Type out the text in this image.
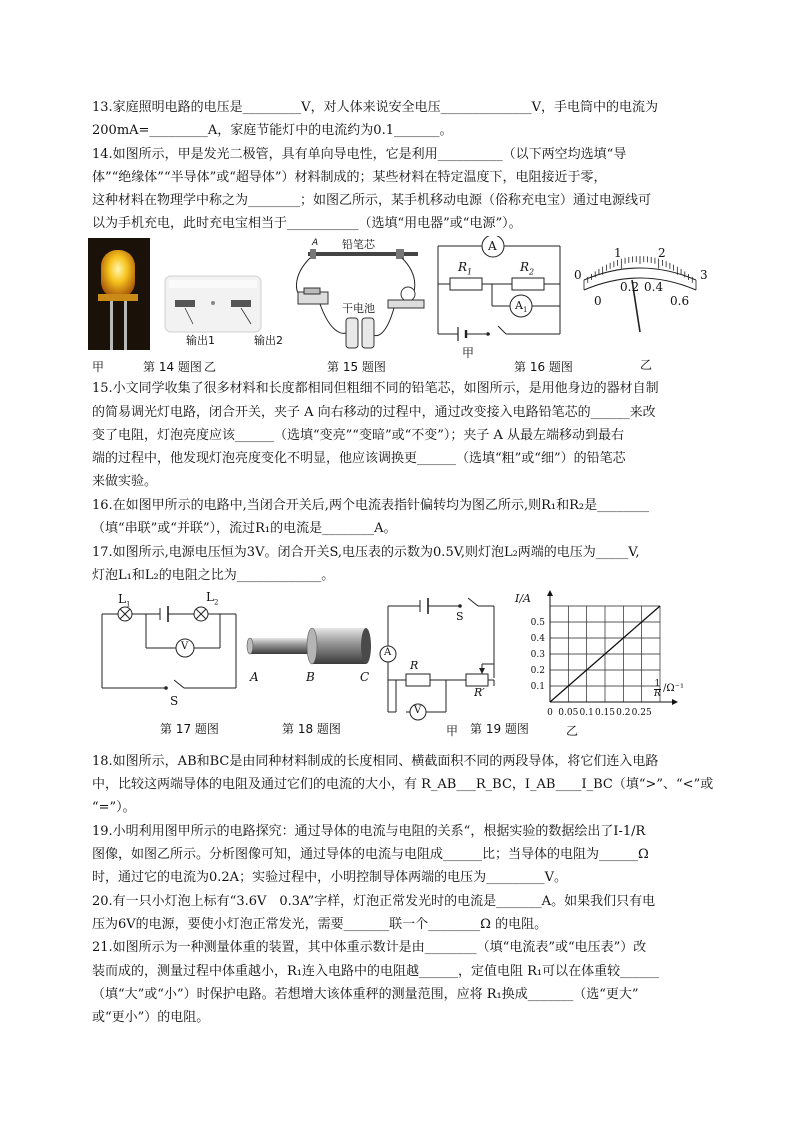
13.家庭照明电路的电压是_________V，对人体来说安全电压______________V，手电筒中的电流为
200mA=_________A，家庭节能灯中的电流约为0.1_______。
14.如图所示，甲是发光二极管，具有单向导电性，它是利用__________（以下两空均选填“导
体”“绝缘体”“半导体”或“超导体”）材料制成的；某些材料在特定温度下，电阻接近于零，
这种材料在物理学中称之为________；如图乙所示，某手机移动电源（俗称充电宝）通过电源线可
以为手机充电，此时充电宝相当于___________（选填“用电器”或“电源”）。
输出1	输出2
甲	第 14 题图 乙
A 铅笔芯
干电池
第 15 题图
A
$A_1$
$R_1$	$R_2$
甲
第 16 题图
0
1	2
3
0
0.2 0.4
0.6
乙
15.小文同学收集了很多材料和长度都相同但粗细不同的铅笔芯，如图所示，是用他身边的器材自制
的简易调光灯电路，闭合开关，夹子 A 向右移动的过程中，通过改变接入电路铅笔芯的______来改
变了电阻，灯泡亮度应该______（选填“变亮”“变暗”或“不变”）；夹子 A 从最左端移动到最右
端的过程中，他发现灯泡亮度变化不明显，他应该调换更______（选填“粗”或“细”）的铅笔芯
来做实验。
16.在如图甲所示的电路中,当闭合开关后,两个电流表指针偏转均为图乙所示,则R₁和R₂是________
（填“串联”或“并联”），流过R₁的电流是________A。
17.如图所示,电源电压恒为3V。闭合开关S,电压表的示数为0.5V,则灯泡L₂两端的电压为_____V,
灯泡L₁和L₂的电阻之比为_____________。
$L_1$
$L_2$
V
S
第 17 题图
A	B	C
第 18 题图
A
S
R
R′
V
甲 第 19 题图
0 0.05 0.1 0.15 0.2 0.25
0.1
0.2
0.3
0.4
0.5
I/A
1
R /Ω⁻¹
乙
18.如图所示，AB和BC是由同种材料制成的长度相同、横截面积不同的两段导体，将它们连入电路
中，比较这两端导体的电阻及通过它们的电流的大小，有 R_AB___R_BC，I_AB____I_BC（填“>”、“<”或
“=”）。
19.小明利用图甲所示的电路探究：通过导体的电流与电阻的关系“，根据实验的数据绘出了I-1/R
图像，如图乙所示。分析图像可知，通过导体的电流与电阻成______比；当导体的电阻为______Ω
时，通过它的电流为0.2A；实验过程中，小明控制导体两端的电压为_________V。
20.有一只小灯泡上标有“3.6V　0.3A”字样，灯泡正常发光时的电流是_______A。如果我们只有电
压为6V的电源，要使小灯泡正常发光，需要_______联一个________Ω 的电阻。
21.如图所示为一种测量体重的装置，其中体重示数计是由________（填“电流表”或“电压表”）改
装而成的，测量过程中体重越小，R₁连入电路中的电阻越______，定值电阻 R₁可以在体重较______
（填“大”或“小”）时保护电路。若想增大该体重秤的测量范围，应将 R₁换成_______（选“更大”
或“更小”）的电阻。
